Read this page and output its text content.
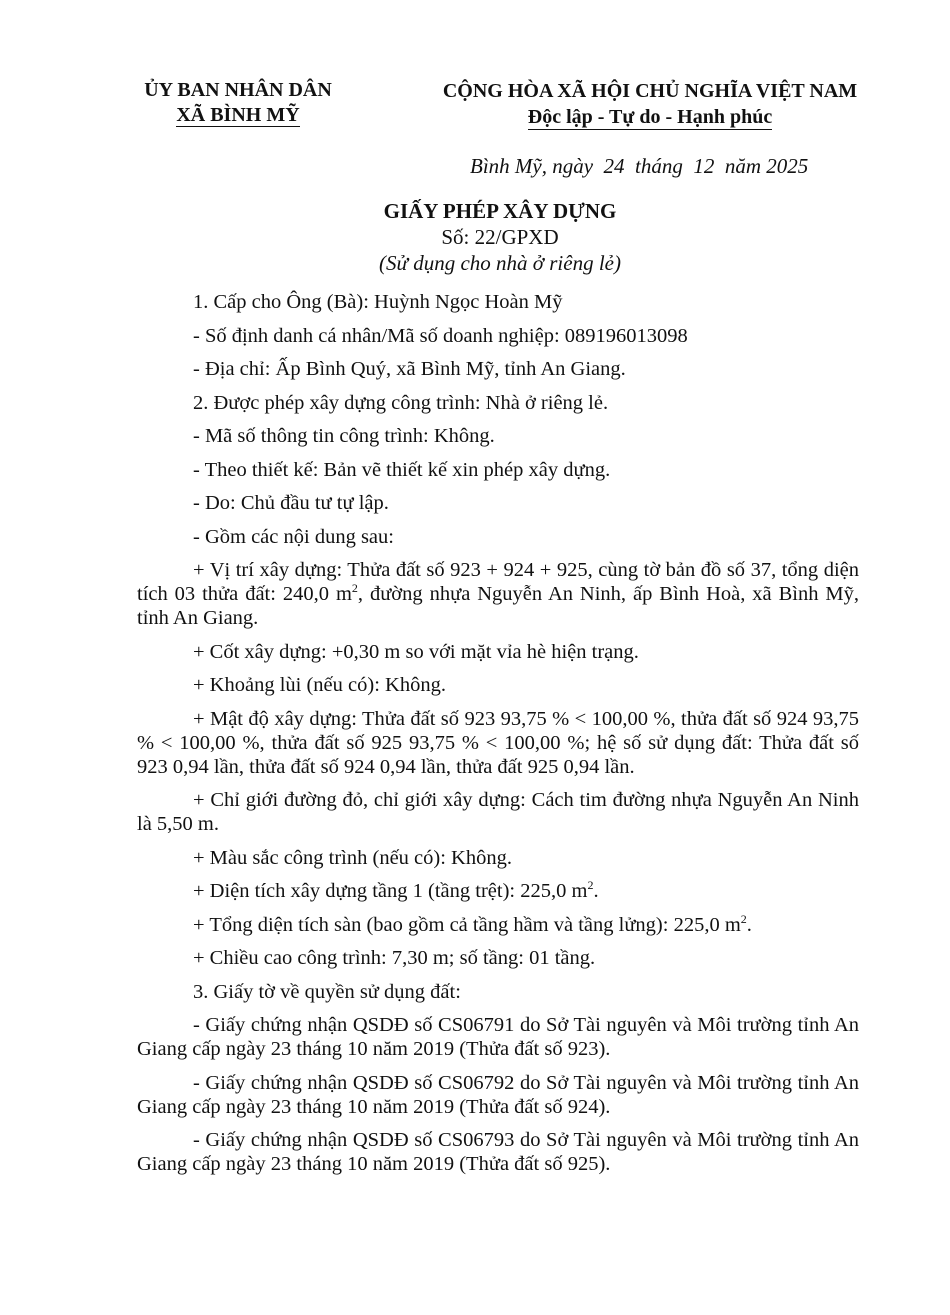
ỦY BAN NHÂN DÂN
XÃ BÌNH MỸ
CỘNG HÒA XÃ HỘI CHỦ NGHĨA VIỆT NAM
Độc lập - Tự do - Hạnh phúc
Bình Mỹ, ngày  24  tháng  12  năm 2025
GIẤY PHÉP XÂY DỰNG
Số: 22/GPXD
(Sử dụng cho nhà ở riêng lẻ)

1. Cấp cho Ông (Bà): Huỳnh Ngọc Hoàn Mỹ

- Số định danh cá nhân/Mã số doanh nghiệp: 089196013098

- Địa chỉ: Ấp Bình Quý, xã Bình Mỹ, tỉnh An Giang.

2. Được phép xây dựng công trình: Nhà ở riêng lẻ.

- Mã số thông tin công trình: Không.

- Theo thiết kế: Bản vẽ thiết kế xin phép xây dựng.

- Do: Chủ đầu tư tự lập.

- Gồm các nội dung sau:

+ Vị trí xây dựng: Thửa đất số 923 + 924 + 925, cùng tờ bản đồ số 37, tổng diện tích 03 thửa đất: 240,0 $m^2$, đường nhựa Nguyễn An Ninh, ấp Bình Hoà, xã Bình Mỹ, tỉnh An Giang.

+ Cốt xây dựng: +0,30 m so với mặt vỉa hè hiện trạng.

+ Khoảng lùi (nếu có): Không.

+ Mật độ xây dựng: Thửa đất số 923 93,75 % < 100,00 %, thửa đất số 924 93,75 % < 100,00 %, thửa đất số 925 93,75 % < 100,00 %; hệ số sử dụng đất: Thửa đất số 923 0,94 lần, thửa đất số 924 0,94 lần, thửa đất 925 0,94 lần.

+ Chỉ giới đường đỏ, chỉ giới xây dựng: Cách tim đường nhựa Nguyễn An Ninh là 5,50 m.

+ Màu sắc công trình (nếu có): Không.

+ Diện tích xây dựng tầng 1 (tầng trệt): 225,0 $m^2$.

+ Tổng diện tích sàn (bao gồm cả tầng hầm và tầng lửng): 225,0 $m^2$.

+ Chiều cao công trình: 7,30 m; số tầng: 01 tầng.

3. Giấy tờ về quyền sử dụng đất:

- Giấy chứng nhận QSDĐ số CS06791 do Sở Tài nguyên và Môi trường tỉnh An Giang cấp ngày 23 tháng 10 năm 2019 (Thửa đất số 923).

- Giấy chứng nhận QSDĐ số CS06792 do Sở Tài nguyên và Môi trường tỉnh An Giang cấp ngày 23 tháng 10 năm 2019 (Thửa đất số 924).

- Giấy chứng nhận QSDĐ số CS06793 do Sở Tài nguyên và Môi trường tỉnh An Giang cấp ngày 23 tháng 10 năm 2019 (Thửa đất số 925).
